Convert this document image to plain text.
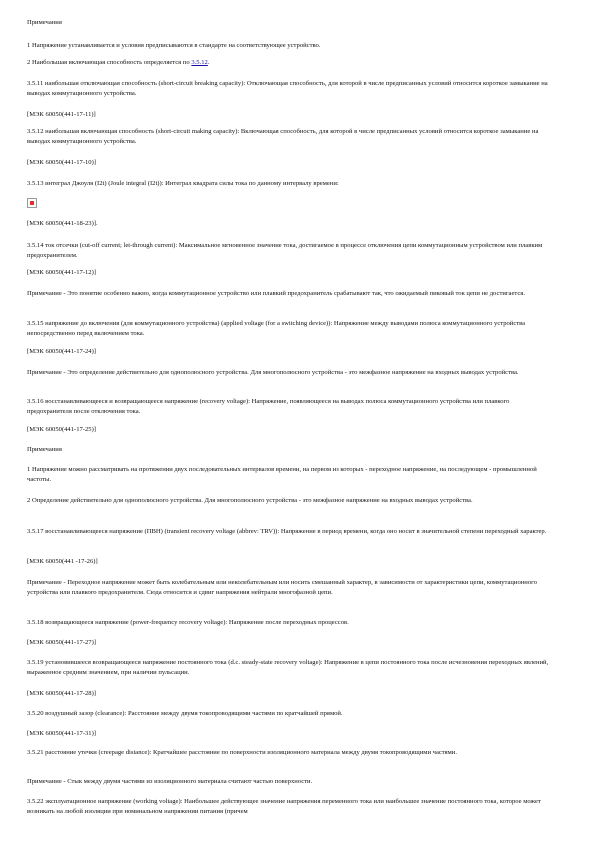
Примечания

1 Напряжение устанавливается и условия предписываются в стандарте на соответствующее устройство.

2 Наибольшая включающая способность определяется по 3.5.12.

3.5.11 наибольшая отключающая способность (short-circuit breaking capacity): Отключающая способность, для которой в числе предписанных условий относится короткое замыкание на выводах коммутационного устройства.

[МЭК 60050(441-17-11)]

3.5.12 наибольшая включающая способность (short-circuit making capacity): Включающая способность, для которой в числе предписанных условий относится короткое замыкание на выводах коммутационного устройства.

[МЭК 60050(441-17-10)]

3.5.13 интеграл Джоуля (I2t) (Joule integral (I2t)): Интеграл квадрата силы тока по данному интервалу времени:

[МЭК 60050(441-18-23)].

3.5.14 ток отсечки (cut-off current; let-through current): Максимальное мгновенное значение тока, достигаемое в процессе отключения цепи коммутационным устройством или плавким предохранителем.

[МЭК 60050(441-17-12)]

Примечание - Это понятие особенно важно, когда коммутационное устройство или плавкий предохранитель срабатывают так, что ожидаемый пиковый ток цепи не достигается.

3.5.15 напряжение до включения (для коммутационного устройства) (applied voltage (for a switching device)): Напряжение между выводами полюса коммутационного устройства непосредственно перед включением тока.

[МЭК 60050(441-17-24)]

Примечание - Это определение действительно для однополюсного устройства. Для многополюсного устройства - это межфазное напряжение на входных выводах устройства.

3.5.16 восстанавливающееся и возвращающееся напряжение (recovery voltage): Напряжение, появляющееся на выводах полюса коммутационного устройства или плавкого предохранителя после отключения тока.

[МЭК 60050(441-17-25)]

Примечания

1 Напряжение можно рассматривать на протяжении двух последовательных интервалов времени, на первом из которых - переходное напряжение, на последующем - промышленной частоты.

2 Определение действительно для однополюсного устройства. Для многополюсного устройства - это межфазное напряжение на входных выводах устройства.

3.5.17 восстанавливающееся напряжение (ПВН) (transient recovery voltage (abbrev: TRV)): Напряжение в период времени, когда оно носит в значительной степени переходный характер.

[МЭК 60050(441 -17-26)]

Примечание - Переходное напряжение может быть колебательным или неколебательным или носить смешанный характер, в зависимости от характеристики цепи, коммутационного устройства или плавкого предохранителя. Сюда относится и сдвиг напряжения нейтрали многофазной цепи.

3.5.18 возвращающееся напряжение (power-frequency recovery voltage): Напряжение после переходных процессов.

[МЭК 60050(441-17-27)]

3.5.19 установившееся возвращающееся напряжение постоянного тока (d.c. steady-state recovery voltage): Напряжение в цепи постоянного тока после исчезновения переходных явлений, выраженное средним значением, при наличии пульсации.

[МЭК 60050(441-17-28)]

3.5.20 воздушный зазор (clearance): Расстояние между двумя токопроводящими частями по кратчайшей прямой.

[МЭК 60050(441-17-31)]

3.5.21 расстояние утечки (creepage distance): Кратчайшее расстояние по поверхности изоляционного материала между двумя токопроводящими частями.

Примечание - Стык между двумя частями из изоляционного материала считают частью поверхности.

3.5.22 эксплуатационное напряжение (working voltage): Наибольшее действующее значение напряжения переменного тока или наибольшее значение постоянного тока, которое может возникать на любой изоляции при номинальном напряжении питания (причем
